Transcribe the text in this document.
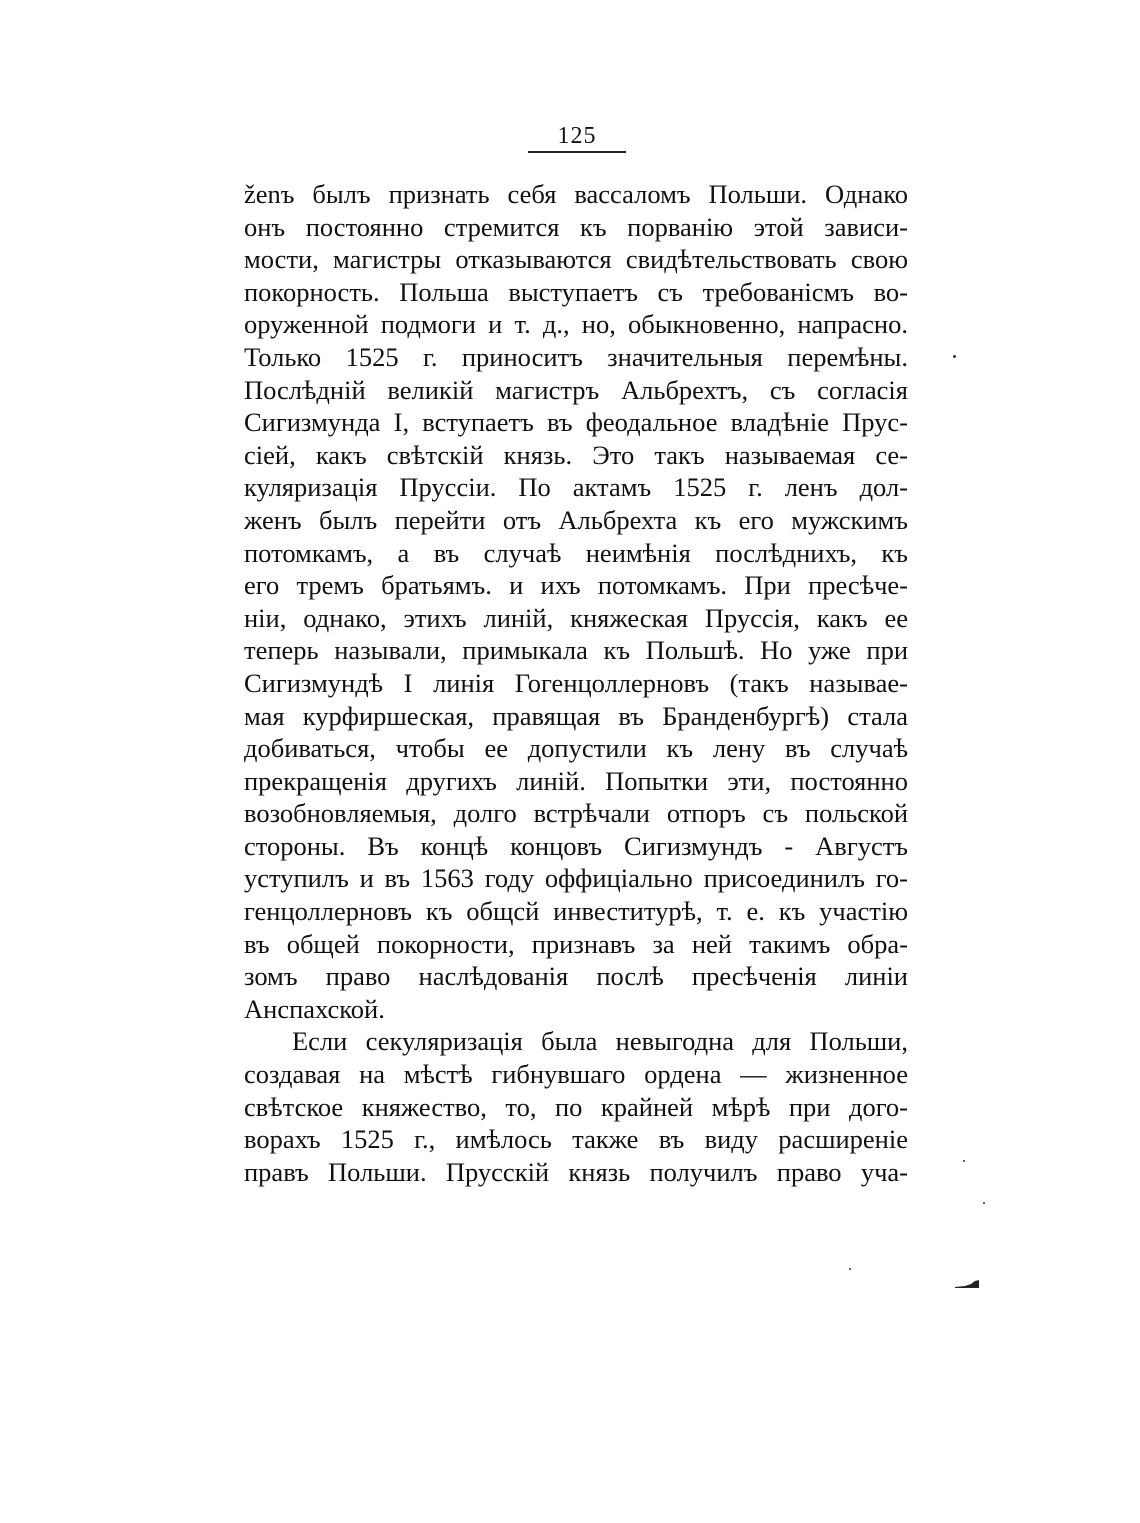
125
ženъ былъ признать себя вассаломъ Польши. Однако
онъ постоянно стремится къ порванію этой зависи-
мости, магистры отказываются свидѣтельствовать свою
покорность. Польша выступаетъ съ требованісмъ во-
оруженной подмоги и т. д., но, обыкновенно, напрасно.
Только 1525 г. приноситъ значительныя перемѣны.
Послѣдній великій магистръ Альбрехтъ, съ согласія
Сигизмунда I, вступаетъ въ феодальное владѣніе Прус-
сіей, какъ свѣтскій князь. Это такъ называемая се-
куляризація Пруссіи. По актамъ 1525 г. ленъ дол-
женъ былъ перейти отъ Альбрехта къ его мужскимъ
потомкамъ, а въ случаѣ неимѣнія послѣднихъ, къ
его тремъ братьямъ. и ихъ потомкамъ. При пресѣче-
ніи, однако, этихъ линій, княжеская Пруссія, какъ ее
теперь называли, примыкала къ Польшѣ. Но уже при
Сигизмундѣ I линія Гогенцоллерновъ (такъ называе-
мая курфиршеская, правящая въ Бранденбургѣ) стала
добиваться, чтобы ее допустили къ лену въ случаѣ
прекращенія другихъ линій. Попытки эти, постоянно
возобновляемыя, долго встрѣчали отпоръ съ польской
стороны. Въ концѣ концовъ Сигизмундъ - Августъ
уступилъ и въ 1563 году оффиціально присоединилъ го-
генцоллерновъ къ общсй инвеститурѣ, т. е. къ участію
въ общей покорности, признавъ за ней такимъ обра-
зомъ право наслѣдованія послѣ пресѣченія линіи
Анспахской.
Если секуляризація была невыгодна для Польши,
создавая на мѣстѣ гибнувшаго ордена — жизненное
свѣтское княжество, то, по крайней мѣрѣ при дого-
ворахъ 1525 г., имѣлось также въ виду расширеніе
правъ Польши. Прусскій князь получилъ право уча-
